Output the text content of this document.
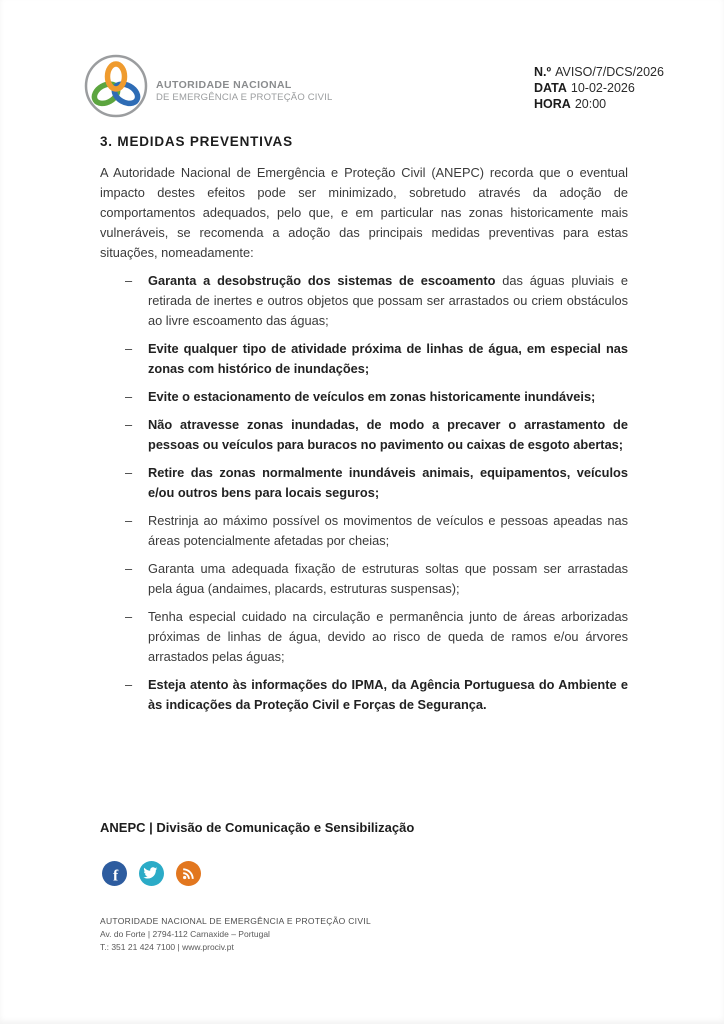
AUTORIDADE NACIONAL
DE EMERGÊNCIA E PROTEÇÃO CIVIL
N.º AVISO/7/DCS/2026
DATA 10-02-2026
HORA 20:00
3. MEDIDAS PREVENTIVAS

A Autoridade Nacional de Emergência e Proteção Civil (ANEPC) recorda que o eventual impacto destes efeitos pode ser minimizado, sobretudo através da adoção de comportamentos adequados, pelo que, e em particular nas zonas historicamente mais vulneráveis, se recomenda a adoção das principais medidas preventivas para estas situações, nomeadamente:

– Garanta a desobstrução dos sistemas de escoamento das águas pluviais e retirada de inertes e outros objetos que possam ser arrastados ou criem obstáculos ao livre escoamento das águas;
– Evite qualquer tipo de atividade próxima de linhas de água, em especial nas zonas com histórico de inundações;
– Evite o estacionamento de veículos em zonas historicamente inundáveis;
– Não atravesse zonas inundadas, de modo a precaver o arrastamento de pessoas ou veículos para buracos no pavimento ou caixas de esgoto abertas;
– Retire das zonas normalmente inundáveis animais, equipamentos, veículos e/ou outros bens para locais seguros;
– Restrinja ao máximo possível os movimentos de veículos e pessoas apeadas nas áreas potencialmente afetadas por cheias;
– Garanta uma adequada fixação de estruturas soltas que possam ser arrastadas pela água (andaimes, placards, estruturas suspensas);
– Tenha especial cuidado na circulação e permanência junto de áreas arborizadas próximas de linhas de água, devido ao risco de queda de ramos e/ou árvores arrastados pelas águas;
– Esteja atento às informações do IPMA, da Agência Portuguesa do Ambiente e às indicações da Proteção Civil e Forças de Segurança.
ANEPC | Divisão de Comunicação e Sensibilização
f
AUTORIDADE NACIONAL DE EMERGÊNCIA E PROTEÇÃO CIVIL
Av. do Forte | 2794-112 Carnaxide – Portugal
T.: 351 21 424 7100 | www.prociv.pt
